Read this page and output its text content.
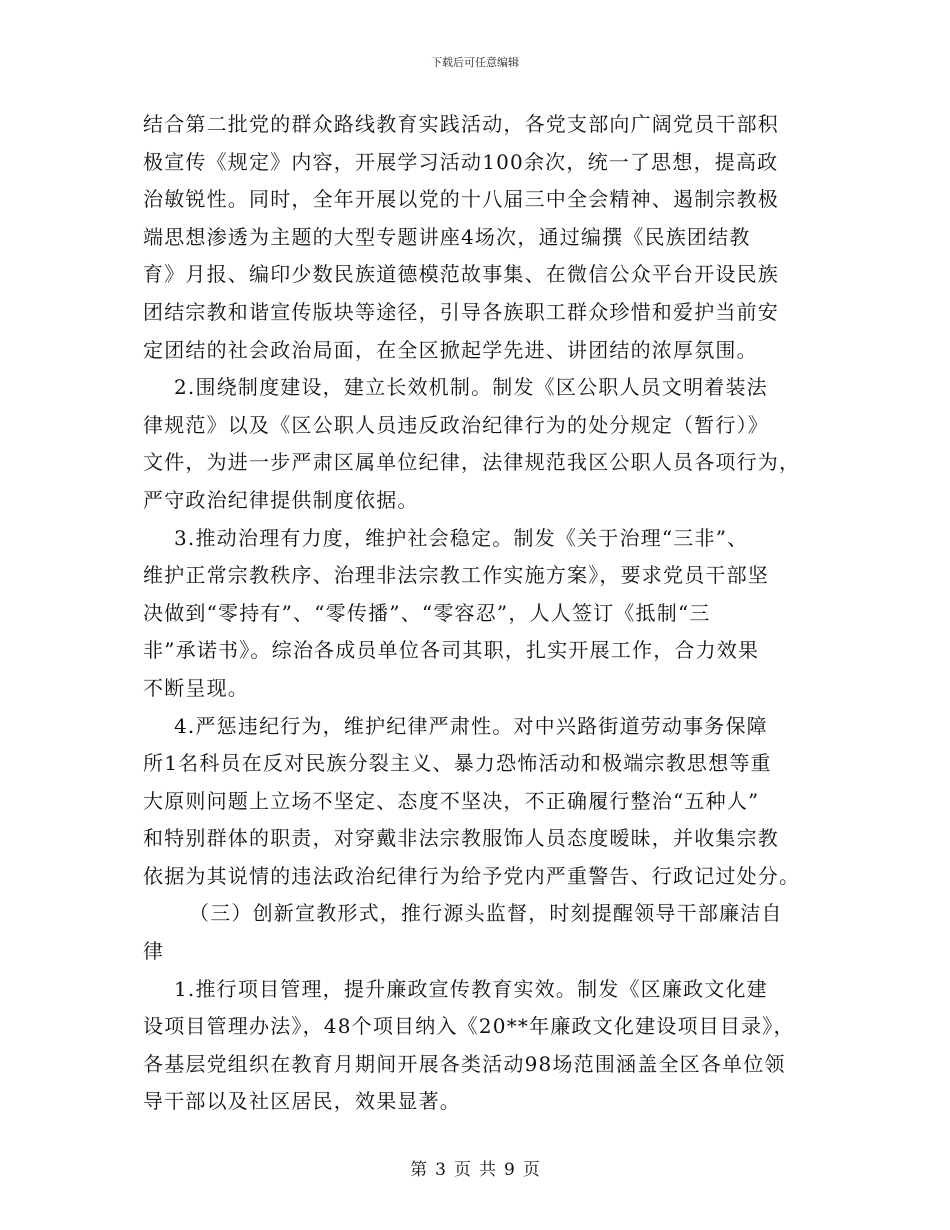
下载后可任意编辑
结合第二批党的群众路线教育实践活动，各党支部向广阔党员干部积
极宣传《规定》内容，开展学习活动100余次，统一了思想，提高政
治敏锐性。同时，全年开展以党的十八届三中全会精神、遏制宗教极
端思想渗透为主题的大型专题讲座4场次，通过编撰《民族团结教
育》月报、编印少数民族道德模范故事集、在微信公众平台开设民族
团结宗教和谐宣传版块等途径，引导各族职工群众珍惜和爱护当前安
定团结的社会政治局面，在全区掀起学先进、讲团结的浓厚氛围。
2.围绕制度建设，建立长效机制。制发《区公职人员文明着装法
律规范》以及《区公职人员违反政治纪律行为的处分规定（暂行）》
文件，为进一步严肃区属单位纪律，法律规范我区公职人员各项行为，
严守政治纪律提供制度依据。
3.推动治理有力度，维护社会稳定。制发《关于治理“三非”、
维护正常宗教秩序、治理非法宗教工作实施方案》，要求党员干部坚
决做到“零持有”、“零传播”、“零容忍”，人人签订《抵制“三
非”承诺书》。综治各成员单位各司其职，扎实开展工作，合力效果
不断呈现。
4.严惩违纪行为，维护纪律严肃性。对中兴路街道劳动事务保障
所1名科员在反对民族分裂主义、暴力恐怖活动和极端宗教思想等重
大原则问题上立场不坚定、态度不坚决，不正确履行整治“五种人”
和特别群体的职责，对穿戴非法宗教服饰人员态度暧昧，并收集宗教
依据为其说情的违法政治纪律行为给予党内严重警告、行政记过处分。
（三）创新宣教形式，推行源头监督，时刻提醒领导干部廉洁自
律
1.推行项目管理，提升廉政宣传教育实效。制发《区廉政文化建
设项目管理办法》，48个项目纳入《20**年廉政文化建设项目目录》，
各基层党组织在教育月期间开展各类活动98场范围涵盖全区各单位领
导干部以及社区居民，效果显著。
第 3 页 共 9 页
